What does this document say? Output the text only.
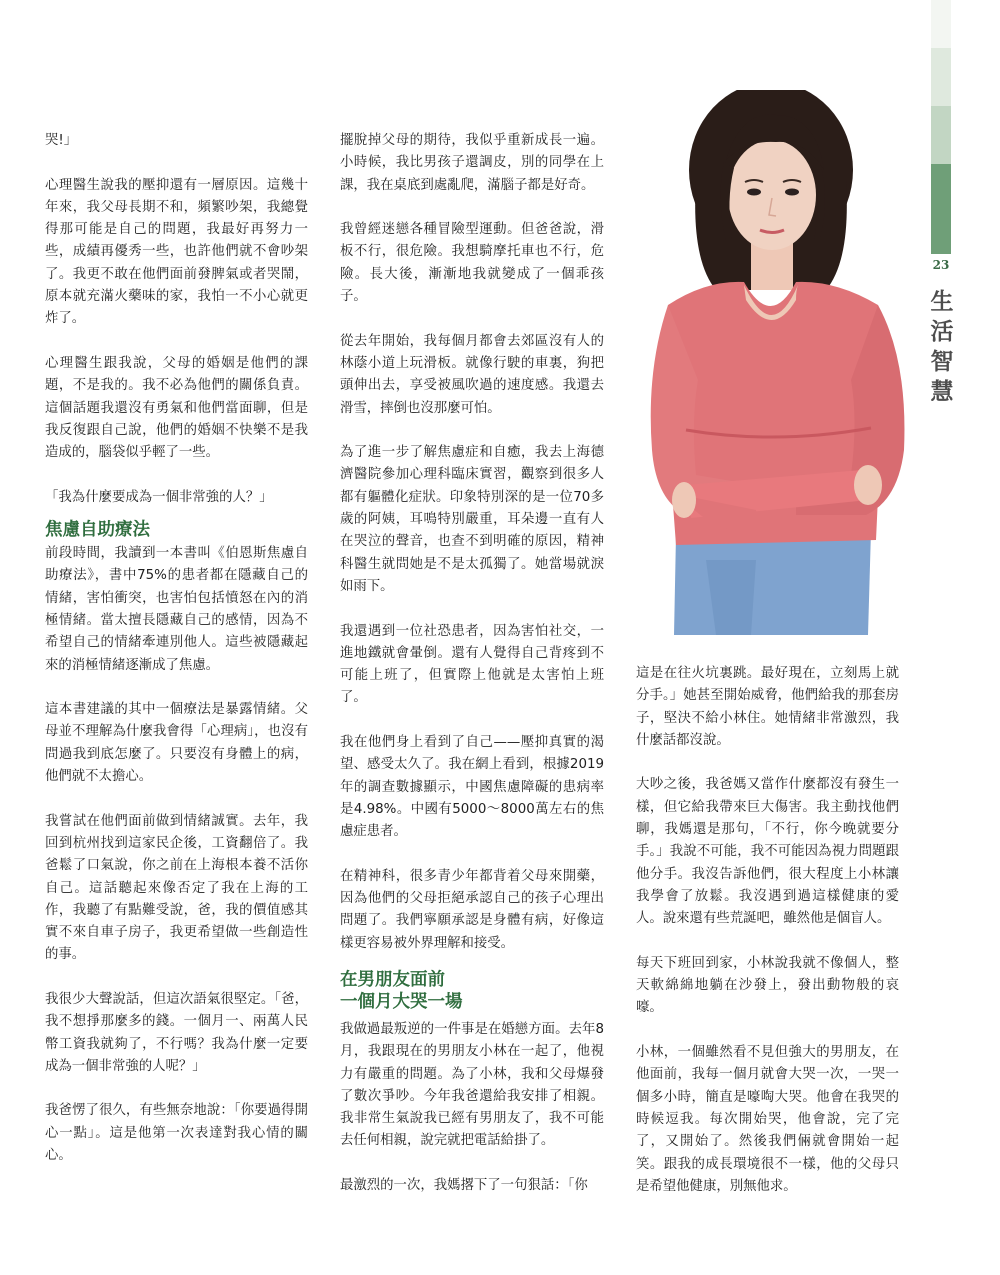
23
生
活
智
慧

哭!」

心理醫生說我的壓抑還有一層原因。這幾十年來，我父母長期不和，頻繁吵架，我總覺得那可能是自己的問題，我最好再努力一些，成績再優秀一些，也許他們就不會吵架了。我更不敢在他們面前發脾氣或者哭鬧，原本就充滿火藥味的家，我怕一不小心就更炸了。

心理醫生跟我說，父母的婚姻是他們的課題，不是我的。我不必為他們的關係負責。這個話題我還沒有勇氣和他們當面聊，但是我反復跟自己說，他們的婚姻不快樂不是我造成的，腦袋似乎輕了一些。

「我為什麼要成為一個非常強的人？」

焦慮自助療法

前段時間，我讀到一本書叫《伯恩斯焦慮自助療法》，書中75%的患者都在隱藏自己的情緒，害怕衝突，也害怕包括憤怒在內的消極情緒。當太擅長隱藏自己的感情，因為不希望自己的情緒牽連別他人。這些被隱藏起來的消極情緒逐漸成了焦慮。

這本書建議的其中一個療法是暴露情緒。父母並不理解為什麼我會得「心理病」，也沒有問過我到底怎麼了。只要沒有身體上的病，他們就不太擔心。

我嘗試在他們面前做到情緒誠實。去年，我回到杭州找到這家民企後，工資翻倍了。我爸鬆了口氣說，你之前在上海根本養不活你自己。這話聽起來像否定了我在上海的工作，我聽了有點難受說，爸，我的價值感其實不來自車子房子，我更希望做一些創造性的事。

我很少大聲說話，但這次語氣很堅定。「爸，我不想掙那麼多的錢。一個月一、兩萬人民幣工資我就夠了，不行嗎？我為什麼一定要成為一個非常強的人呢？」

我爸愣了很久，有些無奈地說：「你要過得開心一點」。這是他第一次表達對我心情的關心。

擺脫掉父母的期待，我似乎重新成長一遍。小時候，我比男孩子還調皮，別的同學在上課，我在桌底到處亂爬，滿腦子都是好奇。

我曾經迷戀各種冒險型運動。但爸爸說，滑板不行，很危險。我想騎摩托車也不行，危險。長大後，漸漸地我就變成了一個乖孩子。

從去年開始，我每個月都會去郊區沒有人的林蔭小道上玩滑板。就像行駛的車裏，狗把頭伸出去，享受被風吹過的速度感。我還去滑雪，摔倒也沒那麼可怕。

為了進一步了解焦慮症和自癒，我去上海德濟醫院參加心理科臨床實習，觀察到很多人都有軀體化症狀。印象特別深的是一位70多歲的阿姨，耳鳴特別嚴重，耳朵邊一直有人在哭泣的聲音，也查不到明確的原因，精神科醫生就問她是不是太孤獨了。她當場就淚如雨下。

我還遇到一位社恐患者，因為害怕社交，一進地鐵就會暈倒。還有人覺得自己背疼到不可能上班了，但實際上他就是太害怕上班了。

我在他們身上看到了自己——壓抑真實的渴望、感受太久了。我在網上看到，根據2019年的調查數據顯示，中國焦慮障礙的患病率是4.98%。中國有5000～8000萬左右的焦慮症患者。

在精神科，很多青少年都背着父母來開藥，因為他們的父母拒絕承認自己的孩子心理出問題了。我們寧願承認是身體有病，好像這樣更容易被外界理解和接受。

在男朋友面前
一個月大哭一場

我做過最叛逆的一件事是在婚戀方面。去年8月，我跟現在的男朋友小林在一起了，他視力有嚴重的問題。為了小林，我和父母爆發了數次爭吵。今年我爸還給我安排了相親。我非常生氣說我已經有男朋友了，我不可能去任何相親，說完就把電話給掛了。

最激烈的一次，我媽撂下了一句狠話：「你

這是在往火坑裏跳。最好現在，立刻馬上就分手。」她甚至開始威脅，他們給我的那套房子，堅決不給小林住。她情緒非常激烈，我什麼話都沒說。

大吵之後，我爸媽又當作什麼都沒有發生一樣，但它給我帶來巨大傷害。我主動找他們聊，我媽還是那句，「不行，你今晚就要分手。」我說不可能，我不可能因為視力問題跟他分手。我沒告訴他們，很大程度上小林讓我學會了放鬆。我沒遇到過這樣健康的愛人。說來還有些荒誕吧，雖然他是個盲人。

每天下班回到家，小林說我就不像個人，整天軟綿綿地躺在沙發上，發出動物般的哀嚎。

小林，一個雖然看不見但強大的男朋友，在他面前，我每一個月就會大哭一次，一哭一個多小時，簡直是嚎啕大哭。他會在我哭的時候逗我。每次開始哭，他會說，完了完了，又開始了。然後我們倆就會開始一起笑。跟我的成長環境很不一樣，他的父母只是希望他健康，別無他求。
